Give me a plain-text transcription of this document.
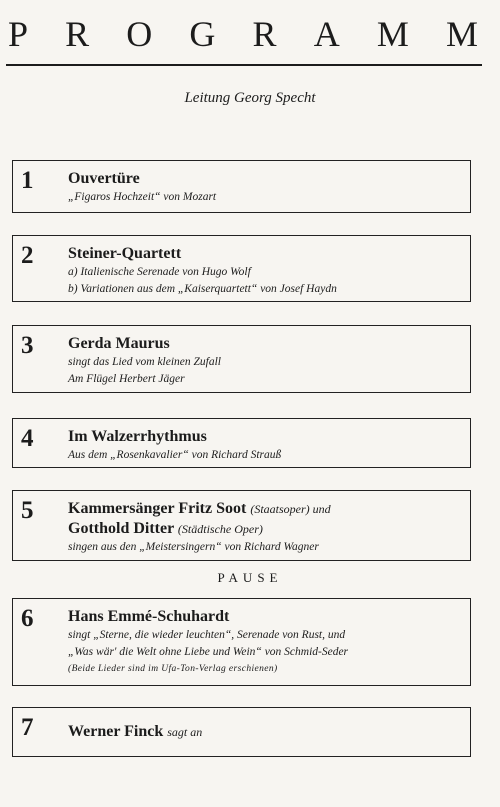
P R O G R A M M
Leitung Georg Specht
1 Ouvertüre

„Figaros Hochzeit“ von Mozart

2 Steiner-Quartett

a) Italienische Serenade von Hugo Wolf

b) Variationen aus dem „Kaiserquartett“ von Josef Haydn

3 Gerda Maurus

singt das Lied vom kleinen Zufall

Am Flügel Herbert Jäger

4 Im Walzerrhythmus

Aus dem „Rosenkavalier“ von Richard Strauß

5 Kammersänger Fritz Soot (Staatsoper) und

Gotthold Ditter (Städtische Oper)

singen aus den „Meistersingern“ von Richard Wagner

PAUSE
6 Hans Emmé-Schuhardt

singt „Sterne, die wieder leuchten“, Serenade von Rust, und

„Was wär' die Welt ohne Liebe und Wein“ von Schmid-Seder

(Beide Lieder sind im Ufa-Ton-Verlag erschienen)

7 Werner Finck sagt an
